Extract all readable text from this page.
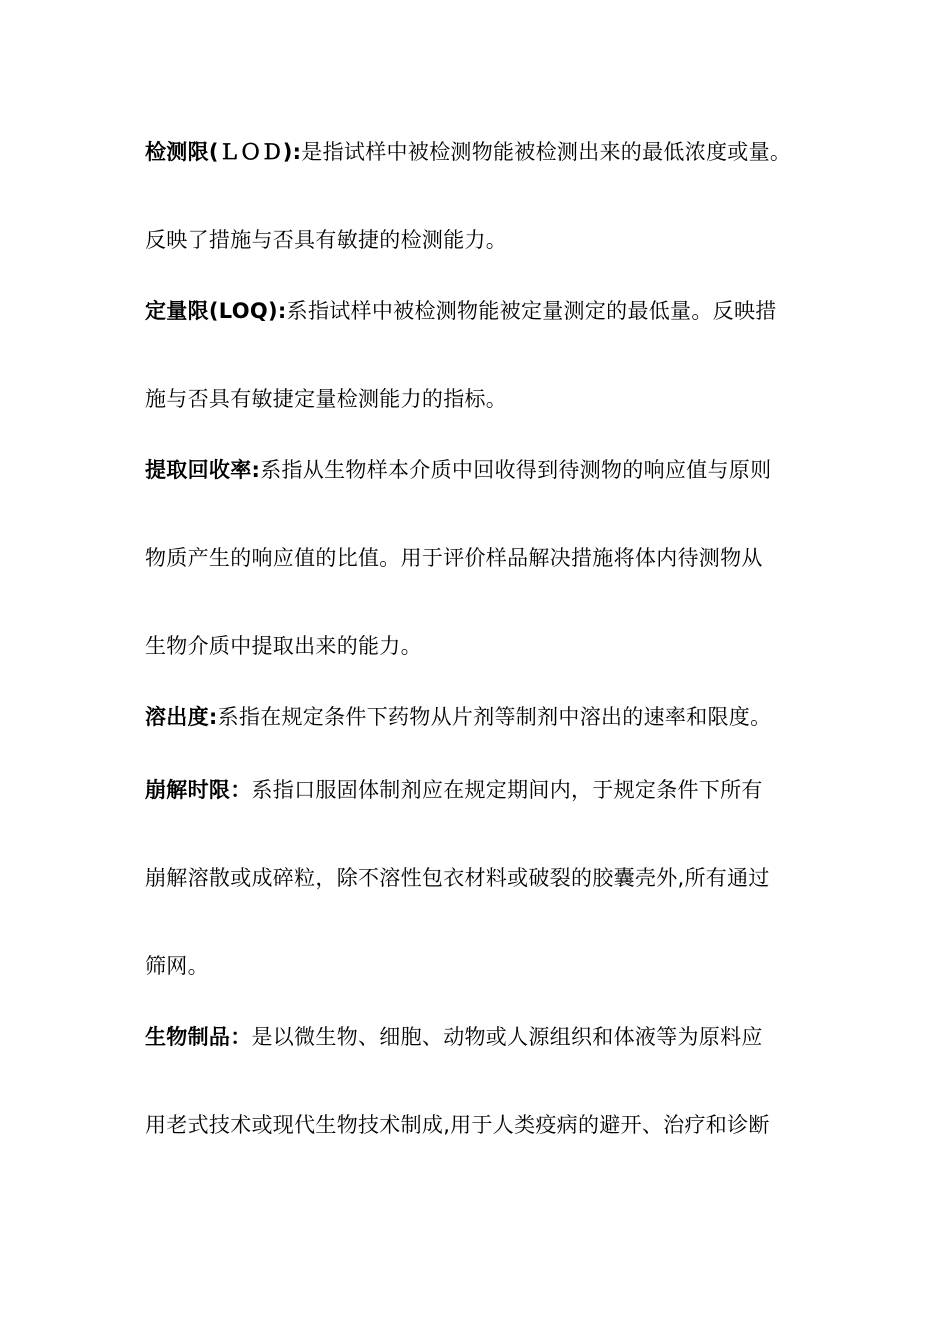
检测限(ＬＯＤ):是指试样中被检测物能被检测出来的最低浓度或量。
反映了措施与否具有敏捷的检测能力。
定量限(LOQ):系指试样中被检测物能被定量测定的最低量。反映措
施与否具有敏捷定量检测能力的指标。
提取回收率:系指从生物样本介质中回收得到待测物的响应值与原则
物质产生的响应值的比值。用于评价样品解决措施将体内待测物从
生物介质中提取出来的能力。
溶出度:系指在规定条件下药物从片剂等制剂中溶出的速率和限度。
崩解时限：系指口服固体制剂应在规定期间内，于规定条件下所有
崩解溶散或成碎粒，除不溶性包衣材料或破裂的胶囊壳外,所有通过
筛网。
生物制品：是以微生物、细胞、动物或人源组织和体液等为原料应
用老式技术或现代生物技术制成,用于人类疫病的避开、治疗和诊断
